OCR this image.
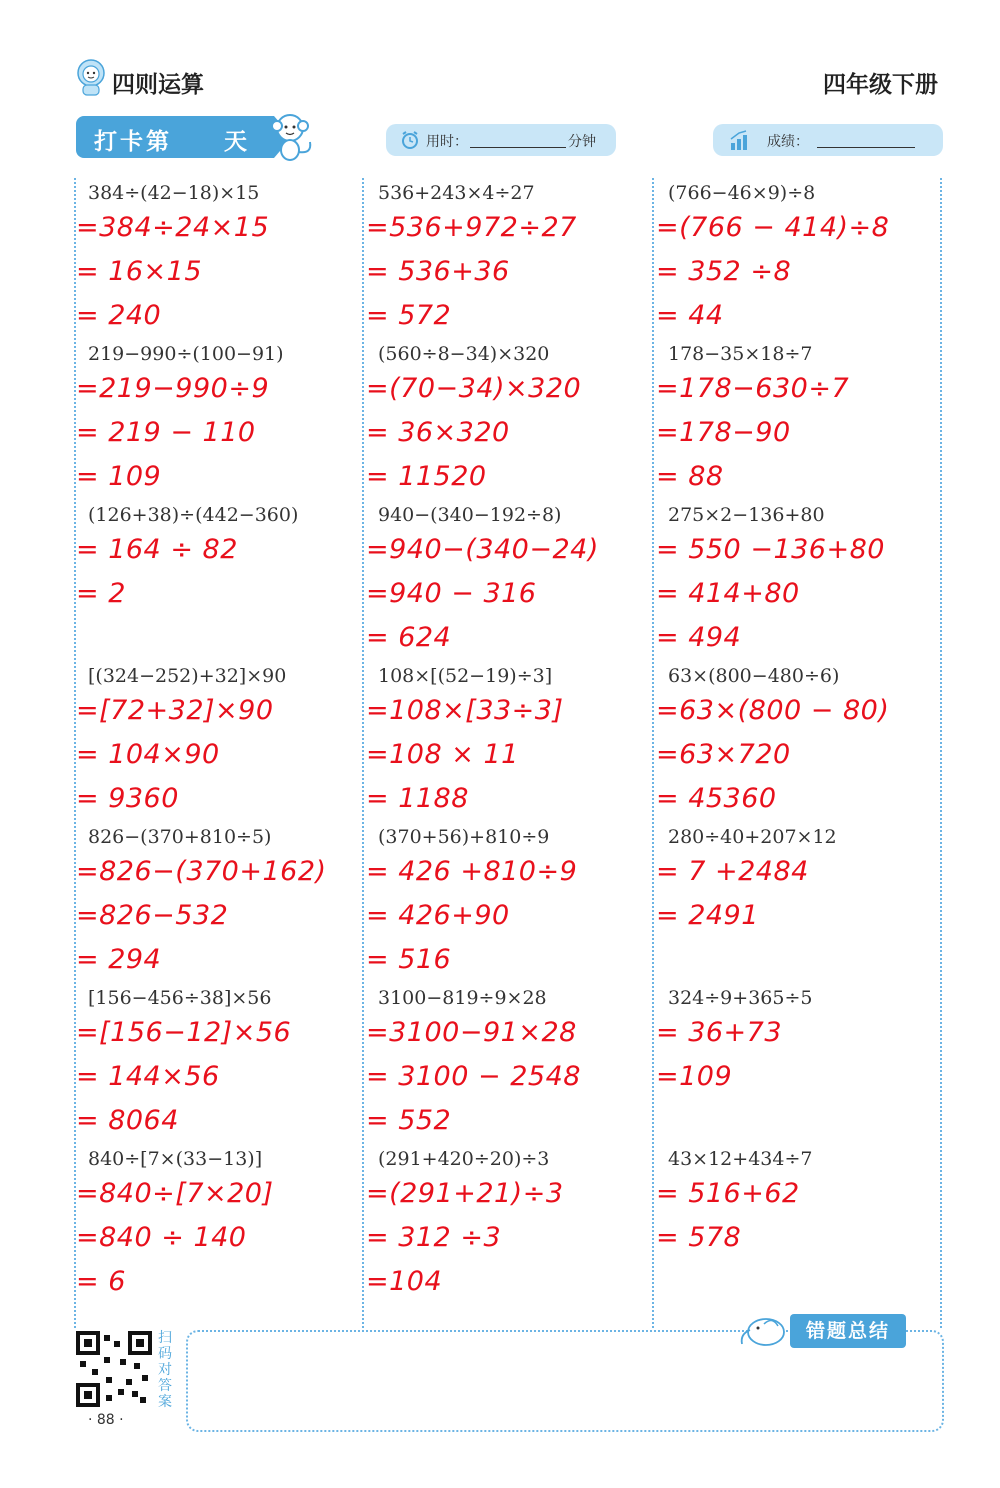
四则运算	四年级下册
打卡第 天	用时：	分钟	成绩：
384÷(42−18)×15
=384÷24×15
= 16×15
= 240
219−990÷(100−91)
=219−990÷9
= 219 − 110
= 109
(126+38)÷(442−360)
= 164 ÷ 82
= 2
[(324−252)+32]×90
=[72+32]×90
= 104×90
= 9360
826−(370+810÷5)
=826−(370+162)
=826−532
= 294
[156−456÷38]×56
=[156−12]×56
= 144×56
= 8064
840÷[7×(33−13)]
=840÷[7×20]
=840 ÷ 140
= 6
536+243×4÷27
=536+972÷27
= 536+36
= 572
(560÷8−34)×320
=(70−34)×320
= 36×320
= 11520
940−(340−192÷8)
=940−(340−24)
=940 − 316
= 624
108×[(52−19)÷3]
=108×[33÷3]
=108 × 11
= 1188
(370+56)+810÷9
= 426 +810÷9
= 426+90
= 516
3100−819÷9×28
=3100−91×28
= 3100 − 2548
= 552
(291+420÷20)÷3
=(291+21)÷3
= 312 ÷3
=104
(766−46×9)÷8
=(766 − 414)÷8
= 352 ÷8
= 44
178−35×18÷7
=178−630÷7
=178−90
= 88
275×2−136+80
= 550 −136+80
= 414+80
= 494
63×(800−480÷6)
=63×(800 − 80)
=63×720
= 45360
280÷40+207×12
= 7 +2484
= 2491
324÷9+365÷5
= 36+73
=109
43×12+434÷7
= 516+62
= 578
错题总结
扫码对答案
· 88 ·
